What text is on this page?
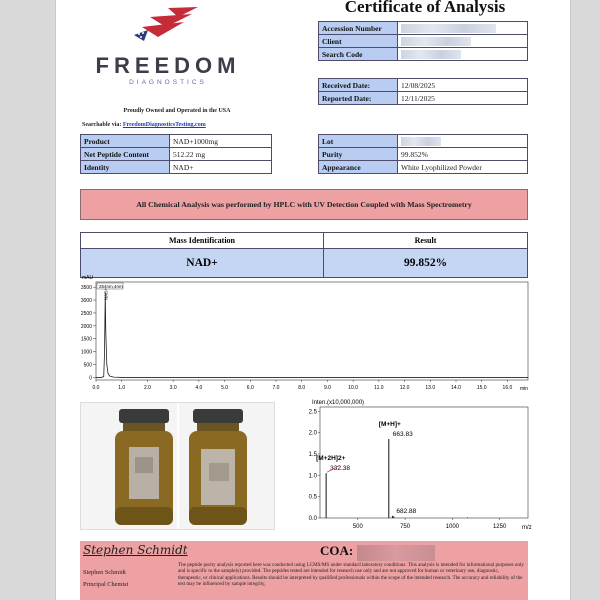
FREEDOM
DIAGNOSTICS
Proudly Owned and Operated in the USA
Searchable via: FreedomDiagnosticsTesting.com
Certificate of Analysis
Accession Number	
Client	
Search Code	
Received Date:	12/08/2025
Reported Date:	12/11/2025
Product	NAD+1000mg
Net Peptide Content	512.22 mg
Identity	NAD+
Lot	
Purity	99.852%
Appearance	White Lyophilized Powder
All Chemical Analysis was performed by HPLC with UV Detection Coupled with Mass Spectrometry
Mass Identification	Result
NAD+	99.852%
mAU
min
0
500
1000
1500
2000
2500
3000
3500
0.0	1.0	2.0	3.0	4.0	5.0	6.0	7.0	8.0	9.0	10.0	11.0	12.0	13.0	14.0	15.0	16.0
254nm,4nm
NAD+
Inten.(x10,000,000)
m/z
0.0
0.5
1.0
1.5
2.0
2.5
500	750	1000	1250
332.38
[M+2H]2+
663.83
[M+H]+
682.88
Stephen Schmidt	COA:
Stephen Schmidt
Principal Chemist
The peptide purity analysis reported here was conducted using LCMS/MS under standard laboratory conditions. This analysis is intended for informational purposes only and is specific to the sample(s) provided. The peptides tested are intended for research use only and are not approved for human or veterinary use, diagnostic, therapeutic, or clinical applications. Results should be interpreted by qualified professionals within the scope of the intended research. The accuracy and reliability of the test may be influenced by sample integrity,
